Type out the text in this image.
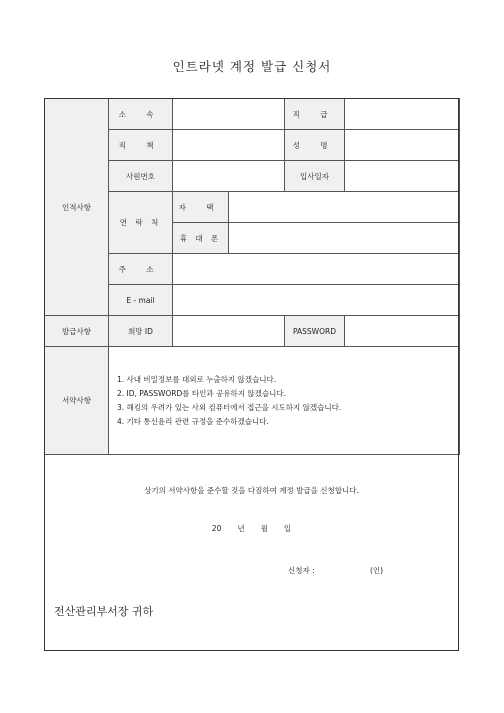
인트라넷 계정 발급 신청서
인적사항	소 속			직 급	
	직 책			성 명	
	사원번호			입사일자	
	연 락 처	자 택			
		휴 대 폰			
	주 소				
	E - mail				
발급사항	희망 ID			PASSWORD	
서약사항	1. 사내 비밀정보를 대외로 누출하지 않겠습니다.
2. ID, PASSWORD를 타인과 공유하지 않겠습니다.
3. 해킹의 우려가 있는 사외 컴퓨터에서 접근을 시도하지 않겠습니다.
4. 기타 통신윤리 관련 규정을 준수하겠습니다.				
상기의 서약사항을 준수할 것을 다짐하여 계정 발급을 신청합니다.
20 년 월 일
신청자 :	(인)
전산관리부서장 귀하
